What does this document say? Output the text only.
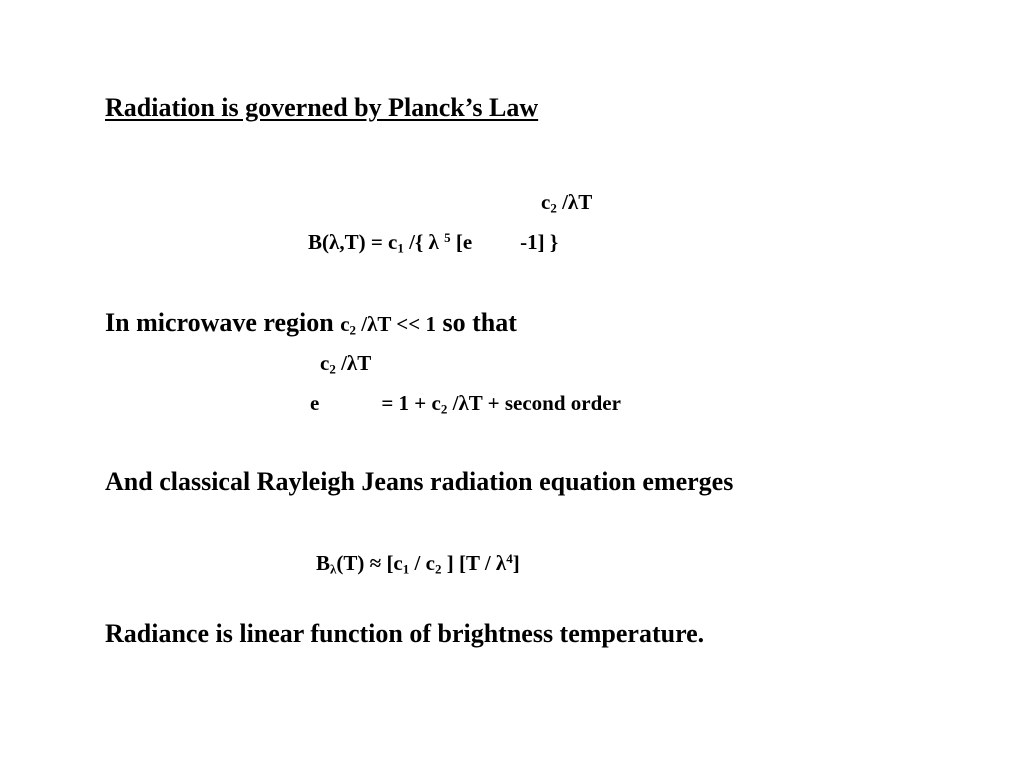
Radiation is governed by Planck’s Law
$c_2$ /λT
$B(\lambda,T) = c_1$ /{ λ $^5$ [e -1] }
In microwave region $c_2$ /λT << 1 so that
$c_2$ /λT
e	= $1 + c_2$ /λT + second order
And classical Rayleigh Jeans radiation equation emerges
$B_\lambda(T) \approx [c_1 / c_2$ ] $[T / \lambda^4]$
Radiance is linear function of brightness temperature.
